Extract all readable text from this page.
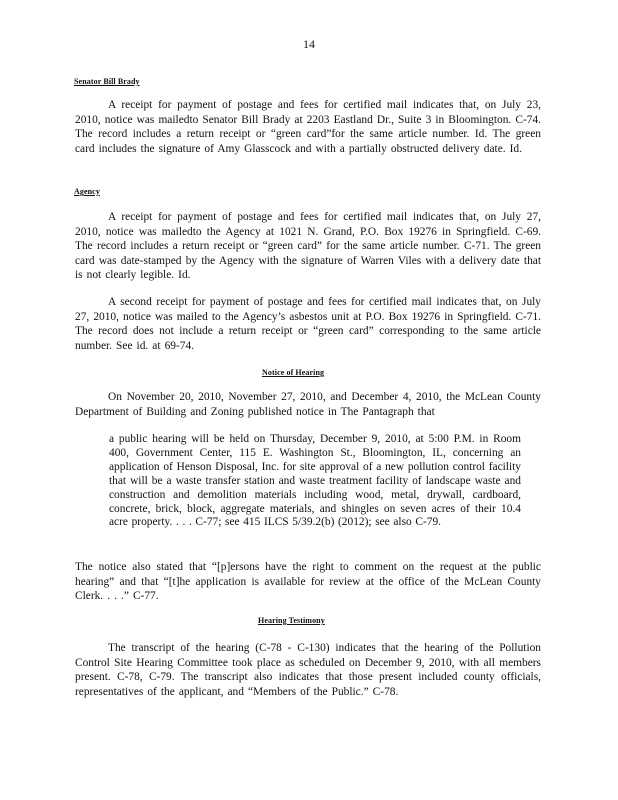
14
Senator Bill Brady
A receipt for payment of postage and fees for certified mail indicates that, on July 23, 2010, notice was mailedto Senator Bill Brady at 2203 Eastland Dr., Suite 3 in Bloomington. C-74. The record includes a return receipt or “green card”for the same article number. Id. The green card includes the signature of Amy Glasscock and with a partially obstructed delivery date. Id.
Agency
A receipt for payment of postage and fees for certified mail indicates that, on July 27, 2010, notice was mailedto the Agency at 1021 N. Grand, P.O. Box 19276 in Springfield. C-69. The record includes a return receipt or “green card” for the same article number. C-71. The green card was date-stamped by the Agency with the signature of Warren Viles with a delivery date that is not clearly legible. Id.
A second receipt for payment of postage and fees for certified mail indicates that, on July 27, 2010, notice was mailed to the Agency’s asbestos unit at P.O. Box 19276 in Springfield. C-71. The record does not include a return receipt or “green card” corresponding to the same article number. See id. at 69-74.
Notice of Hearing
On November 20, 2010, November 27, 2010, and December 4, 2010, the McLean County Department of Building and Zoning published notice in The Pantagraph that
a public hearing will be held on Thursday, December 9, 2010, at 5:00 P.M. in Room 400, Government Center, 115 E. Washington St., Bloomington, IL, concerning an application of Henson Disposal, Inc. for site approval of a new pollution control facility that will be a waste transfer station and waste treatment facility of landscape waste and construction and demolition materials including wood, metal, drywall, cardboard, concrete, brick, block, aggregate materials, and shingles on seven acres of their 10.4 acre property. . . . C-77; see 415 ILCS 5/39.2(b) (2012); see also C-79.
The notice also stated that “[p]ersons have the right to comment on the request at the public hearing” and that “[t]he application is available for review at the office of the McLean County Clerk. . . .” C-77.
Hearing Testimony
The transcript of the hearing (C-78 - C-130) indicates that the hearing of the Pollution Control Site Hearing Committee took place as scheduled on December 9, 2010, with all members present. C-78, C-79. The transcript also indicates that those present included county officials, representatives of the applicant, and “Members of the Public.” C-78.
